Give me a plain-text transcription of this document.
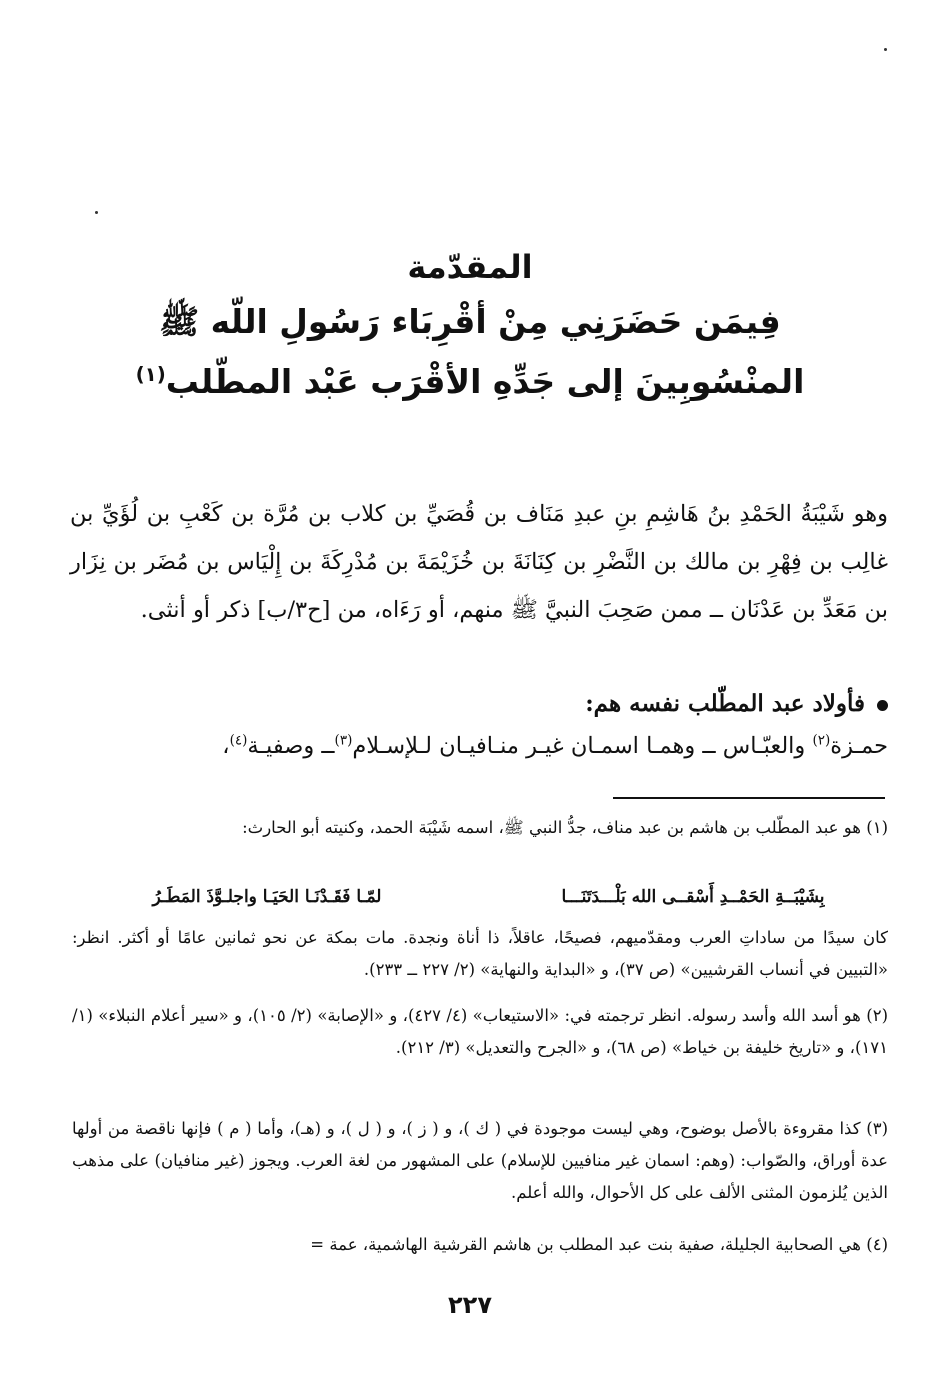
المقدّمة
فِيمَن حَضَرَنِي مِنْ أقْرِبَاء رَسُولِ اللّه ﷺ
المنْسُوبِينَ إلى جَدِّهِ الأقْرَب عَبْد المطّلب$^{(١)}$
وهو شَيْبَةُ الحَمْدِ بنُ هَاشِمِ بنِ عبدِ مَنَاف بن قُصَيِّ بن كلاب بن مُرَّة بن كَعْبِ بن لُؤَيِّ بن غالِب بن فِهْرِ بن مالك بن النَّضْرِ بن كِنَانَةَ بن خُزَيْمَةَ بن مُدْرِكَةَ بن إِلْيَاس بن مُضَر بن نِزَار بن مَعَدِّ بن عَدْنَان ــ ممن صَحِبَ النبيَّ ﷺ منهم، أو رَءَاه، من [ح٣/ب] ذكر أو أنثى.
فأولاد عبد المطّلب نفسه هم:
حمـزة$^{(٢)}$ والعبّـاس ــ وهمـا اسمـان غيـر منـافيـان لـلإسـلام$^{(٣)}$ــ وصفيـة$^{(٤)}$،
(١) هو عبد المطّلب بن هاشم بن عبد مناف، جدُّ النبي ﷺ، اسمه شَيْبَة الحمد، وكنيته أبو الحارث:
بِشَيْبَــةِ الحَمْــدِ أَسْقــى الله بَلْـــدَتَنَـــا
لمّـا فَقَـدْنَـا الحَيَـا واجلـوَّذَ المَطَـرُ
كان سيدًا من ساداتِ العرب ومقدّميهم، فصيحًا، عاقلاً، ذا أناة ونجدة. مات بمكة عن نحو ثمانين عامًا أو أكثر. انظر: «التبيين في أنساب القرشيين» (ص ٣٧)، و «البداية والنهاية» (٢/ ٢٢٧ ــ ٢٣٣).
(٢) هو أسد الله وأسد رسوله. انظر ترجمته في: «الاستيعاب» (٤/ ٤٢٧)، و «الإصابة» (٢/ ١٠٥)، و «سير أعلام النبلاء» (١/ ١٧١)، و «تاريخ خليفة بن خياط» (ص ٦٨)، و «الجرح والتعديل» (٣/ ٢١٢).
(٣) كذا مقروءة بالأصل بوضوح، وهي ليست موجودة في ( ك )، و ( ز )، و ( ل )، و (هـ)، وأما ( م ) فإنها ناقصة من أولها عدة أوراق، والصّواب: (وهم: اسمان غير منافيين للإسلام) على المشهور من لغة العرب. ويجوز (غير منافيان) على مذهب الذين يُلزمون المثنى الألف على كل الأحوال، والله أعلم.
(٤) هي الصحابية الجليلة، صفية بنت عبد المطلب بن هاشم القرشية الهاشمية، عمة =
٢٢٧
